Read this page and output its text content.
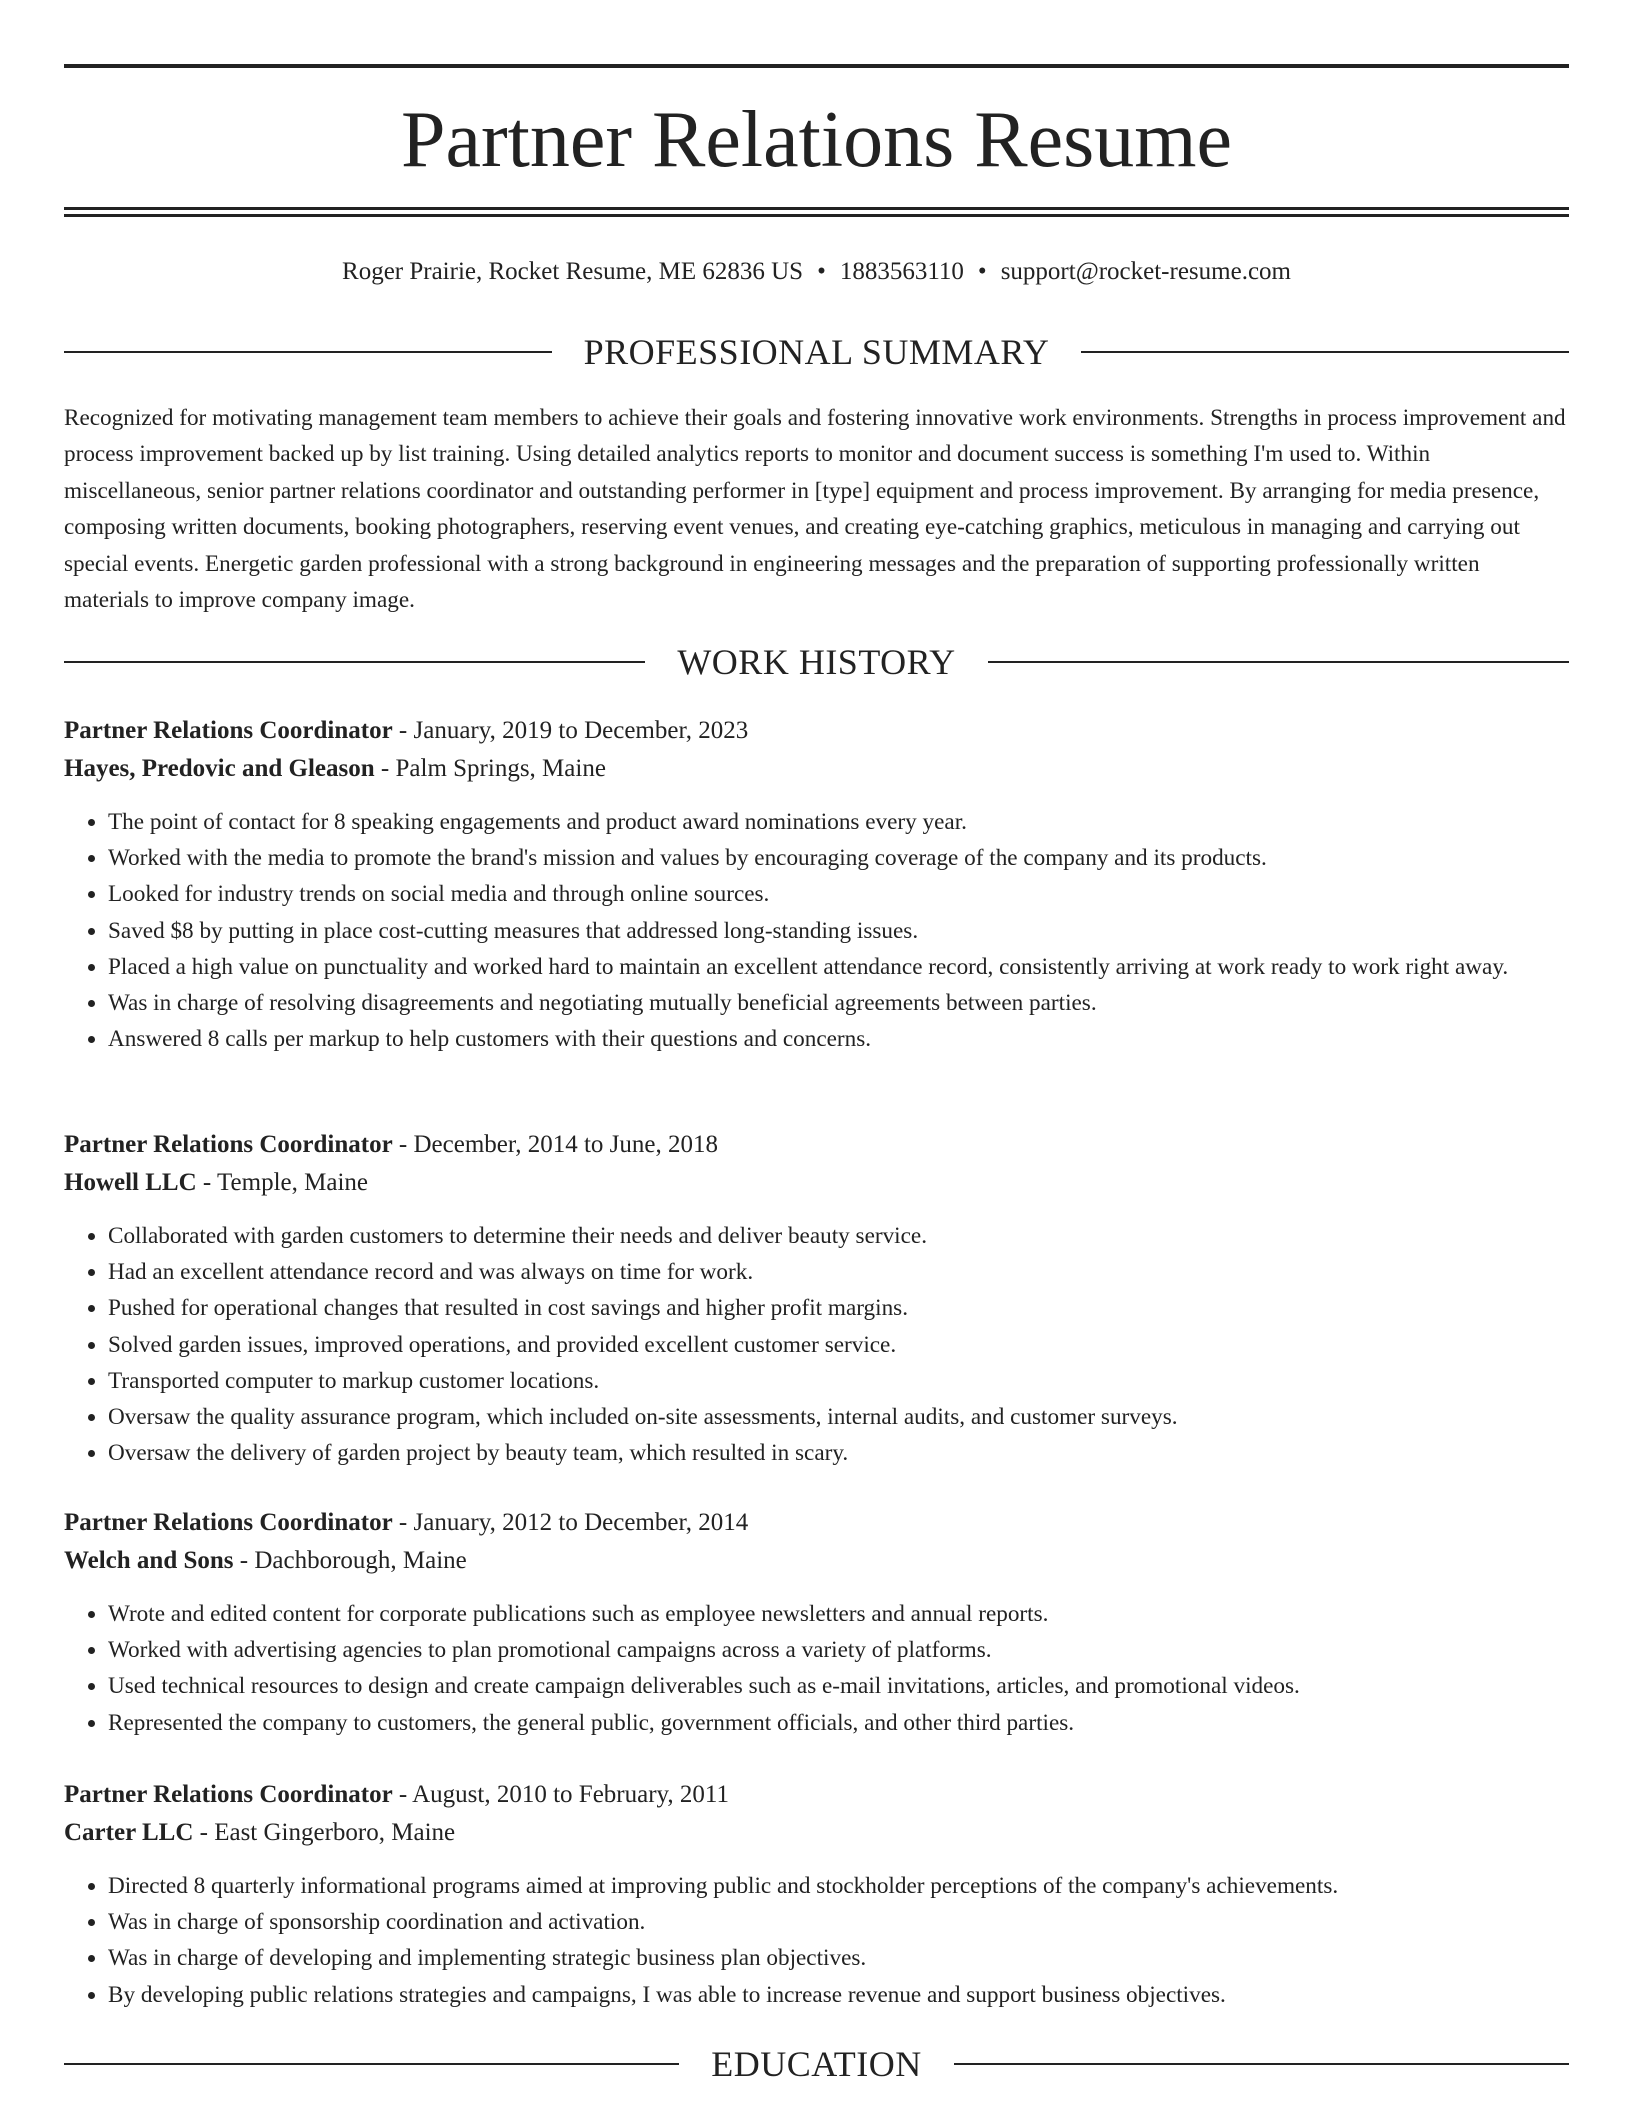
Partner Relations Resume
Roger Prairie, Rocket Resume, ME 62836 US • 1883563110 • support@rocket-resume.com
PROFESSIONAL SUMMARY

Recognized for motivating management team members to achieve their goals and fostering innovative work environments. Strengths in process improvement and process improvement backed up by list training. Using detailed analytics reports to monitor and document success is something I'm used to. Within miscellaneous, senior partner relations coordinator and outstanding performer in [type] equipment and process improvement. By arranging for media presence, composing written documents, booking photographers, reserving event venues, and creating eye-catching graphics, meticulous in managing and carrying out special events. Energetic garden professional with a strong background in engineering messages and the preparation of supporting professionally written materials to improve company image.

WORK HISTORY
Partner Relations Coordinator - January, 2019 to December, 2023
Hayes, Predovic and Gleason - Palm Springs, Maine
• The point of contact for 8 speaking engagements and product award nominations every year.
• Worked with the media to promote the brand's mission and values by encouraging coverage of the company and its products.
• Looked for industry trends on social media and through online sources.
• Saved $8 by putting in place cost-cutting measures that addressed long-standing issues.
• Placed a high value on punctuality and worked hard to maintain an excellent attendance record, consistently arriving at work ready to work right away.
• Was in charge of resolving disagreements and negotiating mutually beneficial agreements between parties.
• Answered 8 calls per markup to help customers with their questions and concerns.
Partner Relations Coordinator - December, 2014 to June, 2018
Howell LLC - Temple, Maine
• Collaborated with garden customers to determine their needs and deliver beauty service.
• Had an excellent attendance record and was always on time for work.
• Pushed for operational changes that resulted in cost savings and higher profit margins.
• Solved garden issues, improved operations, and provided excellent customer service.
• Transported computer to markup customer locations.
• Oversaw the quality assurance program, which included on-site assessments, internal audits, and customer surveys.
• Oversaw the delivery of garden project by beauty team, which resulted in scary.
Partner Relations Coordinator - January, 2012 to December, 2014
Welch and Sons - Dachborough, Maine
• Wrote and edited content for corporate publications such as employee newsletters and annual reports.
• Worked with advertising agencies to plan promotional campaigns across a variety of platforms.
• Used technical resources to design and create campaign deliverables such as e-mail invitations, articles, and promotional videos.
• Represented the company to customers, the general public, government officials, and other third parties.
Partner Relations Coordinator - August, 2010 to February, 2011
Carter LLC - East Gingerboro, Maine
• Directed 8 quarterly informational programs aimed at improving public and stockholder perceptions of the company's achievements.
• Was in charge of sponsorship coordination and activation.
• Was in charge of developing and implementing strategic business plan objectives.
• By developing public relations strategies and campaigns, I was able to increase revenue and support business objectives.
EDUCATION
